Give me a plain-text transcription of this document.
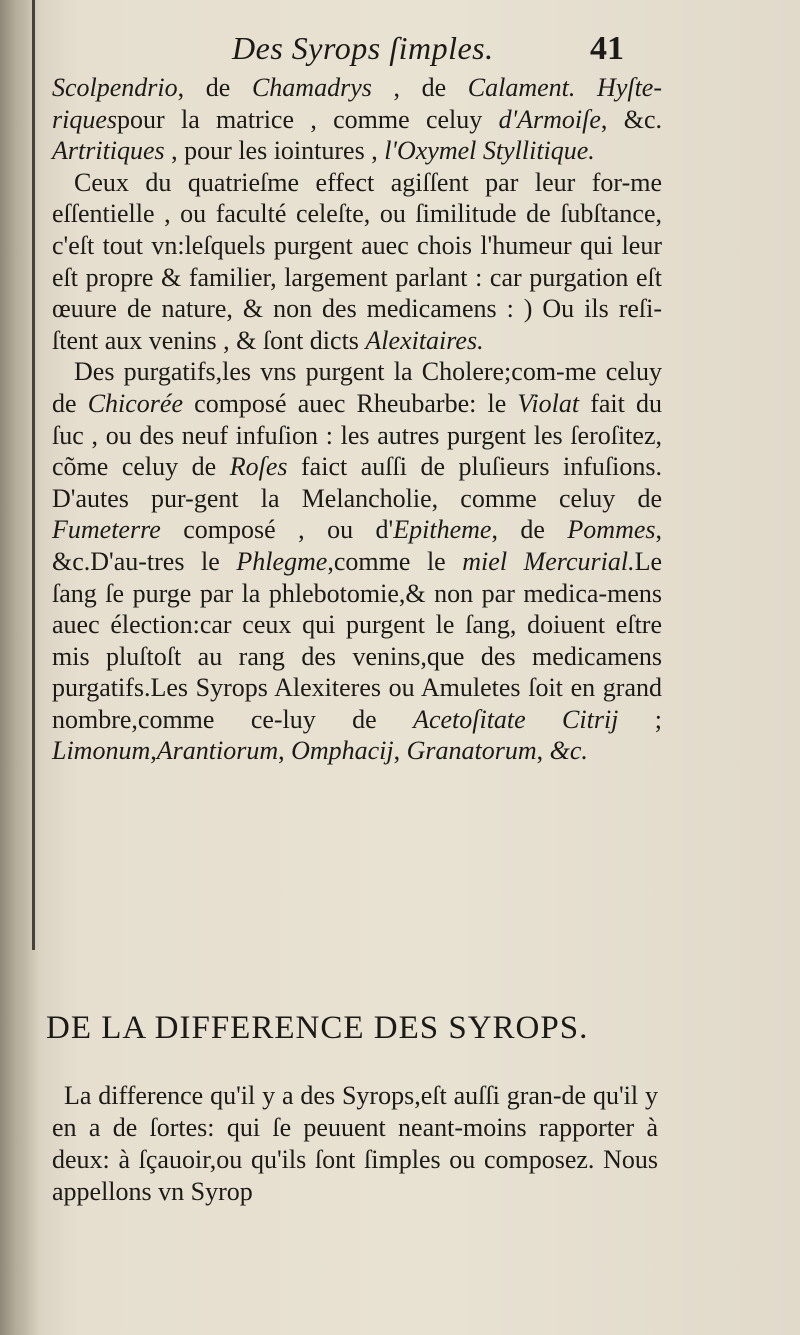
Des Syrops ſimples.	41

Scolpendrio, de Chamadrys , de Calament. Hyſte-riquespour la matrice , comme celuy d'Armoiſe, &c. Artritiques , pour les iointures , l'Oxymel Styllitique.

Ceux du quatrieſme effect agiſſent par leur for-me eſſentielle , ou faculté celeſte, ou ſimilitude de ſubſtance, c'eſt tout vn:leſquels purgent auec chois l'humeur qui leur eſt propre & familier, largement parlant : car purgation eſt œuure de nature, & non des medicamens : ) Ou ils reſi-ſtent aux venins , & ſont dicts Alexitaires.

Des purgatifs,les vns purgent la Cholere;com-me celuy de Chicorée composé auec Rheubarbe: le Violat fait du ſuc , ou des neuf infuſion : les autres purgent les ſeroſitez, cõme celuy de Roſes faict auſſi de pluſieurs infuſions. D'autes pur-gent la Melancholie, comme celuy de Fumeterre composé , ou d'Epitheme, de Pommes, &c.D'au-tres le Phlegme,comme le miel Mercurial.Le ſang ſe purge par la phlebotomie,& non par medica-mens auec élection:car ceux qui purgent le ſang, doiuent eſtre mis pluſtoſt au rang des venins,que des medicamens purgatifs.Les Syrops Alexiteres ou Amuletes ſoit en grand nombre,comme ce-luy de Acetoſitate Citrij ; Limonum,Arantiorum, Omphacij, Granatorum, &c.

DE LA DIFFERENCE DES SYROPS.

La difference qu'il y a des Syrops,eſt auſſi gran-de qu'il y en a de ſortes: qui ſe peuuent neant-moins rapporter à deux: à ſçauoir,ou qu'ils ſont ſimples ou composez. Nous appellons vn Syrop
